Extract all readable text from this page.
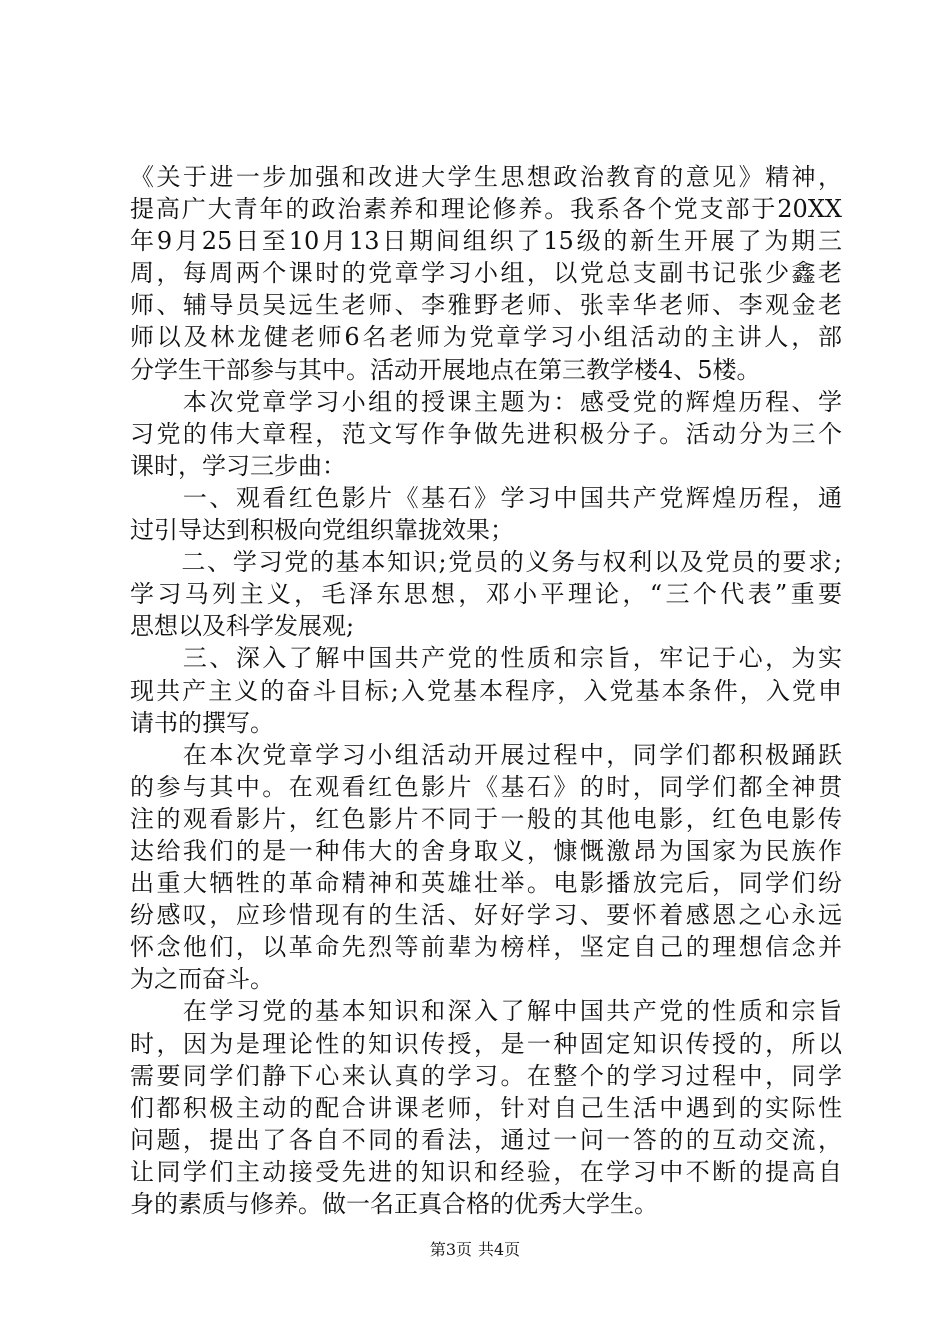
《关于进一步加强和改进大学生思想政治教育的意见》精神，
提高广大青年的政治素养和理论修养。我系各个党支部于20XX
年9月25日至10月13日期间组织了15级的新生开展了为期三
周，每周两个课时的党章学习小组，以党总支副书记张少鑫老
师、辅导员吴远生老师、李雅野老师、张幸华老师、李观金老
师以及林龙健老师6名老师为党章学习小组活动的主讲人，部
分学生干部参与其中。活动开展地点在第三教学楼4、5楼。
　　本次党章学习小组的授课主题为：感受党的辉煌历程、学
习党的伟大章程，范文写作争做先进积极分子。活动分为三个
课时，学习三步曲：
　　一、观看红色影片《基石》学习中国共产党辉煌历程，通
过引导达到积极向党组织靠拢效果；
　　二、学习党的基本知识;党员的义务与权利以及党员的要求;
学习马列主义，毛泽东思想，邓小平理论，“三个代表”重要
思想以及科学发展观;
　　三、深入了解中国共产党的性质和宗旨，牢记于心，为实
现共产主义的奋斗目标;入党基本程序，入党基本条件，入党申
请书的撰写。
　　在本次党章学习小组活动开展过程中，同学们都积极踊跃
的参与其中。在观看红色影片《基石》的时，同学们都全神贯
注的观看影片，红色影片不同于一般的其他电影，红色电影传
达给我们的是一种伟大的舍身取义，慷慨激昂为国家为民族作
出重大牺牲的革命精神和英雄壮举。电影播放完后，同学们纷
纷感叹，应珍惜现有的生活、好好学习、要怀着感恩之心永远
怀念他们，以革命先烈等前辈为榜样，坚定自己的理想信念并
为之而奋斗。
　　在学习党的基本知识和深入了解中国共产党的性质和宗旨
时，因为是理论性的知识传授，是一种固定知识传授的，所以
需要同学们静下心来认真的学习。在整个的学习过程中，同学
们都积极主动的配合讲课老师，针对自己生活中遇到的实际性
问题，提出了各自不同的看法，通过一问一答的的互动交流，
让同学们主动接受先进的知识和经验，在学习中不断的提高自
身的素质与修养。做一名正真合格的优秀大学生。
第3页 共4页
